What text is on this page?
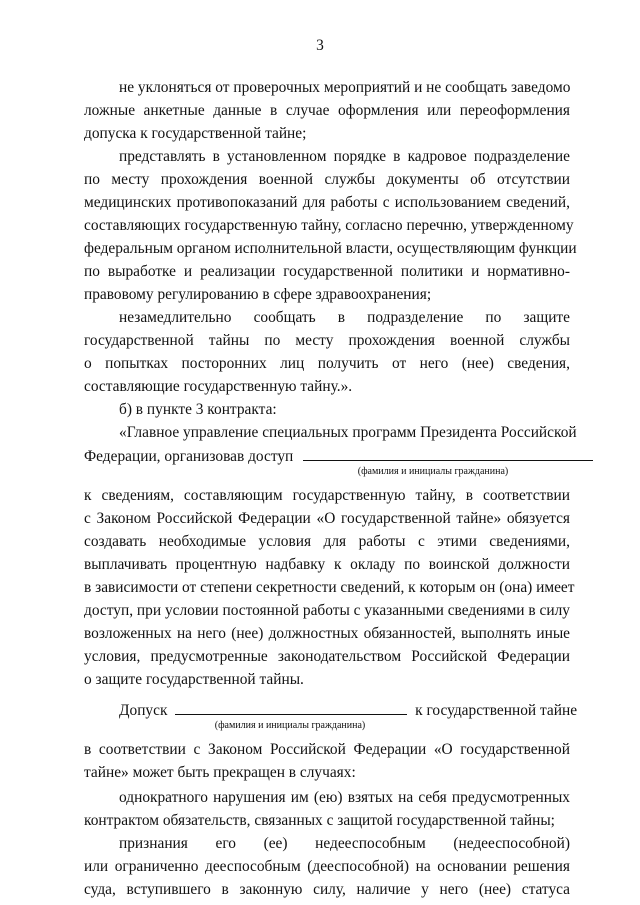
3
не уклоняться от проверочных мероприятий и не сообщать заведомо
ложные анкетные данные в случае оформления или переоформления
допуска к государственной тайне;
представлять в установленном порядке в кадровое подразделение
по месту прохождения военной службы документы об отсутствии
медицинских противопоказаний для работы с использованием сведений,
составляющих государственную тайну, согласно перечню, утвержденному
федеральным органом исполнительной власти, осуществляющим функции
по выработке и реализации государственной политики и нормативно-
правовому регулированию в сфере здравоохранения;
незамедлительно сообщать в подразделение по защите
государственной тайны по месту прохождения военной службы
о попытках посторонних лиц получить от него (нее) сведения,
составляющие государственную тайну.».
б) в пункте 3 контракта:
«Главное управление специальных программ Президента Российской
к сведениям, составляющим государственную тайну, в соответствии
с Законом Российской Федерации «О государственной тайне» обязуется
создавать необходимые условия для работы с этими сведениями,
выплачивать процентную надбавку к окладу по воинской должности
в зависимости от степени секретности сведений, к которым он (она) имеет
доступ, при условии постоянной работы с указанными сведениями в силу
возложенных на него (нее) должностных обязанностей, выполнять иные
условия, предусмотренные законодательством Российской Федерации
о защите государственной тайны.
в соответствии с Законом Российской Федерации «О государственной
тайне» может быть прекращен в случаях:
однократного нарушения им (ею) взятых на себя предусмотренных
контрактом обязательств, связанных с защитой государственной тайны;
признания его (ее) недееспособным (недееспособной)
или ограниченно дееспособным (дееспособной) на основании решения
суда, вступившего в законную силу, наличие у него (нее) статуса
Федерации, организовав доступ
(фамилия и инициалы гражданина)
Допуск	к государственной тайне
(фамилия и инициалы гражданина)
